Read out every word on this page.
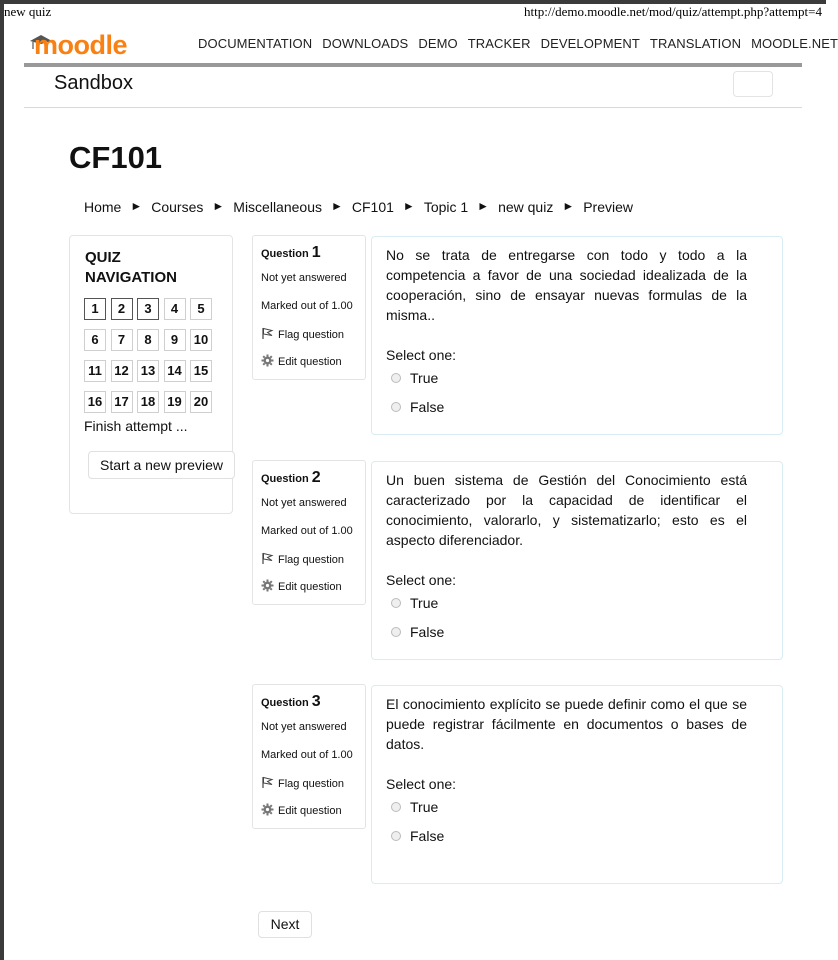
new quiz	http://demo.moodle.net/mod/quiz/attempt.php?attempt=4
moodle	DOCUMENTATION DOWNLOADS DEMO TRACKER DEVELOPMENT TRANSLATION MOODLE.NET
Sandbox
CF101
Home ► Courses ► Miscellaneous ► CF101 ► Topic 1 ► new quiz ► Preview
QUIZ NAVIGATION
1	2	3	4	5
6	7	8	9	10
11 12 13 14 15
16 17 18 19 20
Finish attempt ...
Start a new preview
Question 1
Not yet answered
Marked out of 1.00
Flag question
Edit question
No se trata de entregarse con todo y todo a la competencia a favor de una sociedad idealizada de la cooperación, sino de ensayar nuevas formulas de la misma..
Select one:
True
False
Question 2
Not yet answered
Marked out of 1.00
Flag question
Edit question
Un buen sistema de Gestión del Conocimiento está caracterizado por la capacidad de identificar el conocimiento, valorarlo, y sistematizarlo; esto es el aspecto diferenciador.
Select one:
True
False
Question 3
Not yet answered
Marked out of 1.00
Flag question
Edit question
El conocimiento explícito se puede definir como el que se puede registrar fácilmente en documentos o bases de datos.
Select one:
True
False
Next
